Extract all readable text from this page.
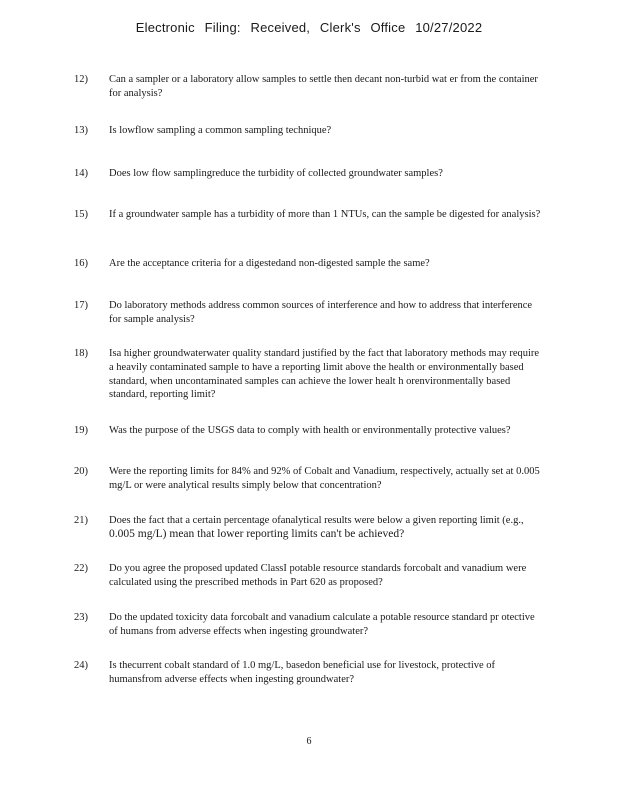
Electronic Filing: Received, Clerk's Office 10/27/2022
12)	Can a sampler or a laboratory allow samples to settle then decant non-turbid wat er from the container for analysis?
13)	Is lowflow sampling a common sampling technique?
14)	Does low flow samplingreduce the turbidity of collected groundwater samples?
15)	If a groundwater sample has a turbidity of more than 1 NTUs, can the sample be digested for analysis?
16)	Are the acceptance criteria for a digestedand non-digested sample the same?
17)	Do laboratory methods address common sources of interference and how to address that interference for sample analysis?
18)	Isa higher groundwaterwater quality standard justified by the fact that laboratory methods may require a heavily contaminated sample to have a reporting limit above the health or environmentally based standard, when uncontaminated samples can achieve the lower healt h orenvironmentally based standard, reporting limit?
19)	Was the purpose of the USGS data to comply with health or environmentally protective values?
20)	Were the reporting limits for 84% and 92% of Cobalt and Vanadium, respectively, actually set at 0.005 mg/L or were analytical results simply below that concentration?
21)	Does the fact that a certain percentage ofanalytical results were below a given reporting limit (e.g., 0.005 mg/L) mean that lower reporting limits can't be achieved?
22)	Do you agree the proposed updated ClassI potable resource standards forcobalt and vanadium were calculated using the prescribed methods in Part 620 as proposed?
23)	Do the updated toxicity data forcobalt and vanadium calculate a potable resource standard pr otective of humans from adverse effects when ingesting groundwater?
24)	Is thecurrent cobalt standard of 1.0 mg/L, basedon beneficial use for livestock, protective of humansfrom adverse effects when ingesting groundwater?
6
